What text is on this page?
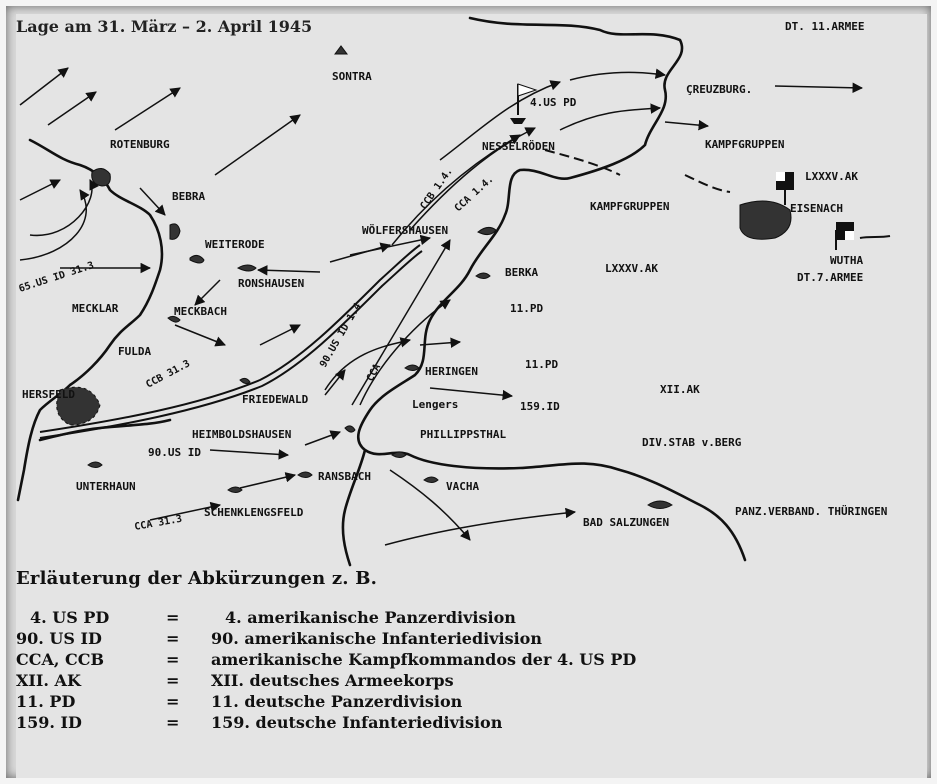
Lage am 31. März – 2. April 1945
SONTRA
ROTENBURG
BEBRA
WEITERODE
RONSHAUSEN
MECKLAR	MECKBACH
FULDA
HERSFELD	FRIEDEWALD
HEIMBOLDSHAUSEN
UNTERHAUN
RANSBACH
SCHENKLENGSFELD
WÖLFERSHAUSEN
NESSELRÖDEN
ÇREUZBURG.
EISENACH
WUTHA
BERKA
HERINGEN
Lengers
PHILLIPPSTHAL
VACHA
BAD SALZUNGEN
4.US PD
KAMPFGRUPPEN
KAMPFGRUPPEN
LXXXV.AK
LXXXV.AK
DT. 11.ARMEE
DT.7.ARMEE
11.PD
11.PD
159.ID
XII.AK
DIV.STAB v.BERG
PANZ.VERBAND. THÜRINGEN
90.US ID
65.US ID 31.3
CCB 1.4.
CCA 1.4.
90.US ID 1.4
CCB 31.3	CCA
CCA 31.3
Erläuterung der Abkürzungen z. B.
4. US PD	=	4. amerikanische Panzerdivision
90. US ID	=	90. amerikanische Infanteriedivision
CCA, CCB	=	amerikanische Kampfkommandos der 4. US PD
XII. AK	=	XII. deutsches Armeekorps
11. PD	=	11. deutsche Panzerdivision
159. ID	=	159. deutsche Infanteriedivision
